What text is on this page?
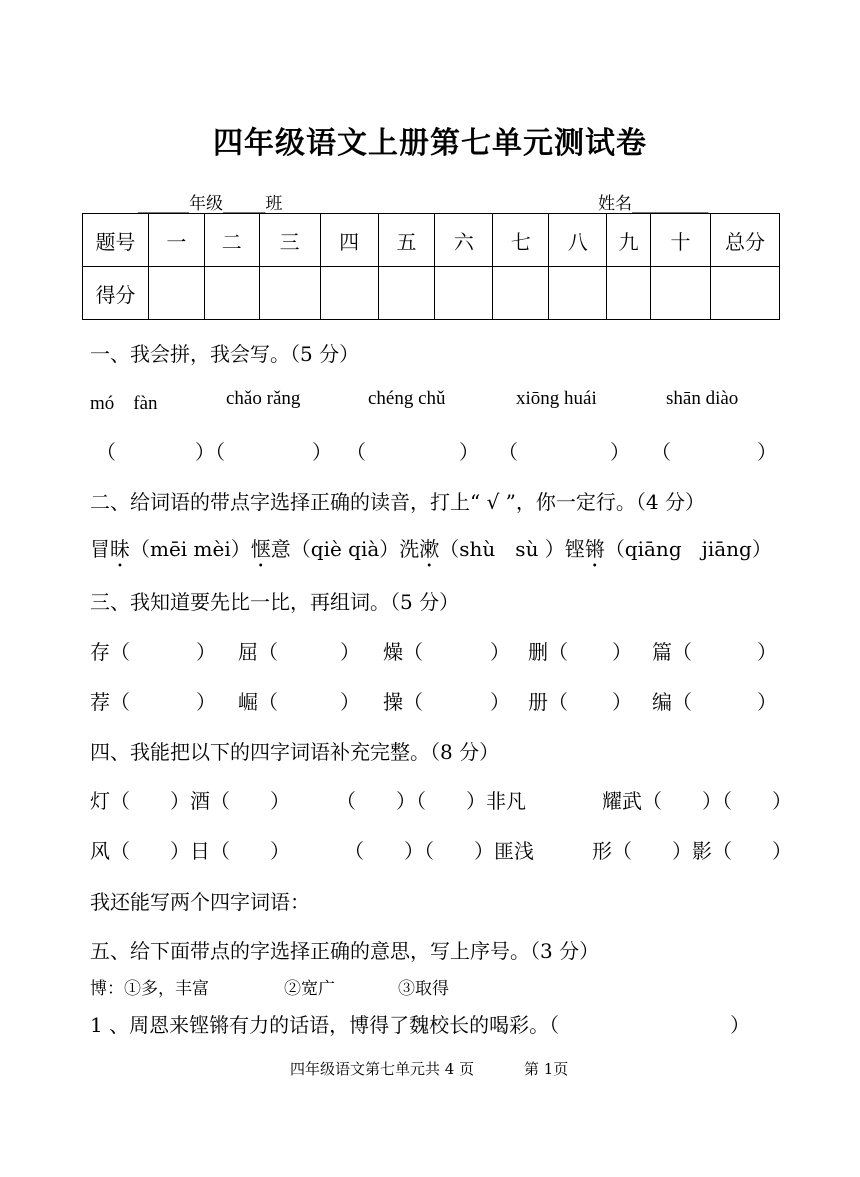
四年级语文上册第七单元测试卷
______年级_____班	姓名_________
题号	一	二	三	四	五	六	七	八	九	十	总分
得分											
一、我会拼，我会写。（5 分）
mó　fàn	chǎo rǎng	chéng chǔ	xiōng huái	shān diào
（	）（	） （	） （	） （	）
二、给词语的带点字选择正确的读音，打上“ √ ”，你一定行。（4 分）
冒昧（mēi mèi）惬意（qiè qià）洗漱（shù　sù ）铿锵（qiāng　jiāng）
三、我知道要先比一比，再组词。（5 分）
存（	） 屈（	） 燥（	） 删（ ） 篇（	）
荐（	） 崛（	） 操（	） 册（ ） 编（	）
四、我能把以下的四字词语补充完整。（8 分）
灯（　　）酒（　　） （　　）（　　）非凡	耀武（　　）（　　）
风（　　）日（　　）	（　　）（　　）匪浅	形（　　）影（　　）
我还能写两个四字词语：
五、给下面带点的字选择正确的意思，写上序号。（3 分）
博：①多，丰富	②宽广	③取得
1 、周恩来铿锵有力的话语，博得了魏校长的喝彩。（	）
四年级语文第七单元共 4 页	第 1页
